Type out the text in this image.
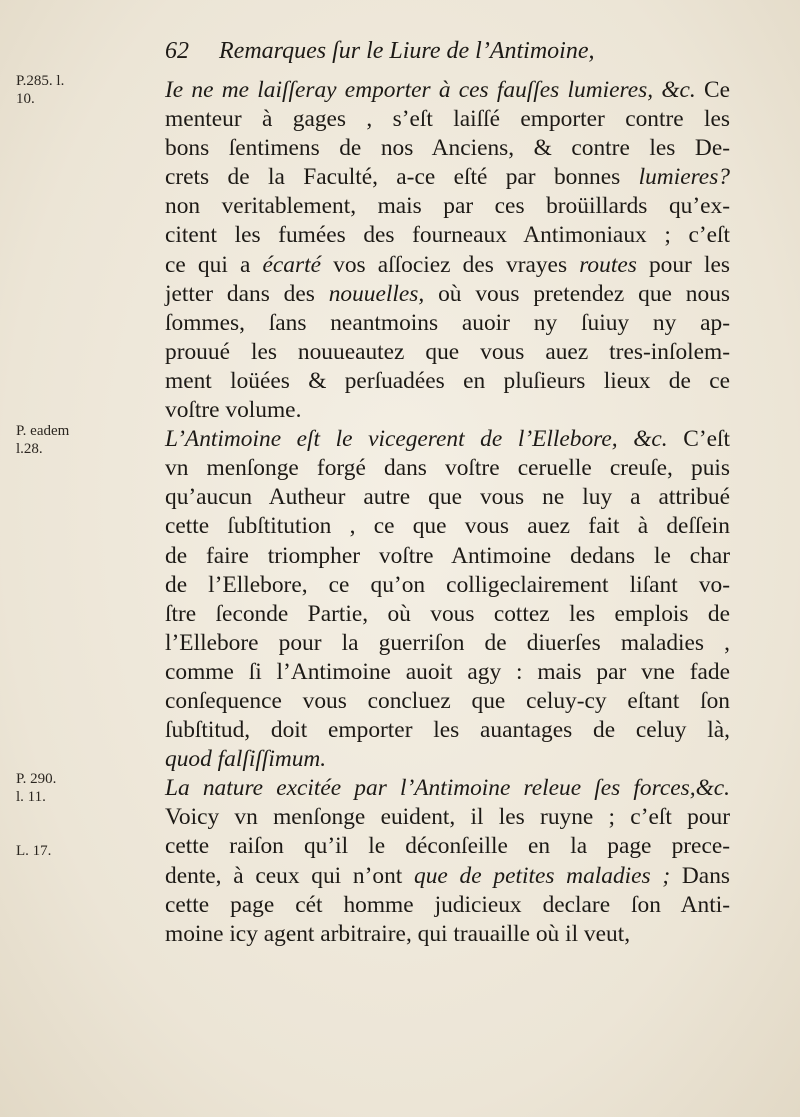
62 Remarques ſur le Liure de l’Antimoine,
P.285. l.
10.
P. eadem
l.28.
P. 290.
l. 11.
L. 17.
Ie ne me laiſſeray emporter à ces fauſſes lumieres, &c. Ce
menteur à gages , s’eſt laiſſé emporter contre les
bons ſentimens de nos Anciens, & contre les De-
crets de la Faculté, a-ce eſté par bonnes lumieres?
non veritablement, mais par ces broüillards qu’ex-
citent les fumées des fourneaux Antimoniaux ; c’eſt
ce qui a écarté vos aſſociez des vrayes routes pour les
jetter dans des nouuelles, où vous pretendez que nous
ſommes, ſans neantmoins auoir ny ſuiuy ny ap-
prouué les nouueautez que vous auez tres-inſolem-
ment loüées & perſuadées en pluſieurs lieux de ce
voſtre volume.
L’Antimoine eſt le vicegerent de l’Ellebore, &c. C’eſt
vn menſonge forgé dans voſtre ceruelle creuſe, puis
qu’aucun Autheur autre que vous ne luy a attribué
cette ſubſtitution , ce que vous auez fait à deſſein
de faire triompher voſtre Antimoine dedans le char
de l’Ellebore, ce qu’on colligeclairement liſant vo-
ſtre ſeconde Partie, où vous cottez les emplois de
l’Ellebore pour la guerriſon de diuerſes maladies ,
comme ſi l’Antimoine auoit agy : mais par vne fade
conſequence vous concluez que celuy-cy eſtant ſon
ſubſtitud, doit emporter les auantages de celuy là,
quod falſiſſimum.
La nature excitée par l’Antimoine releue ſes forces,&c.
Voicy vn menſonge euident, il les ruyne ; c’eſt pour
cette raiſon qu’il le déconſeille en la page prece-
dente, à ceux qui n’ont que de petites maladies ; Dans
cette page cét homme judicieux declare ſon Anti-
moine icy agent arbitraire, qui trauaille où il veut,
